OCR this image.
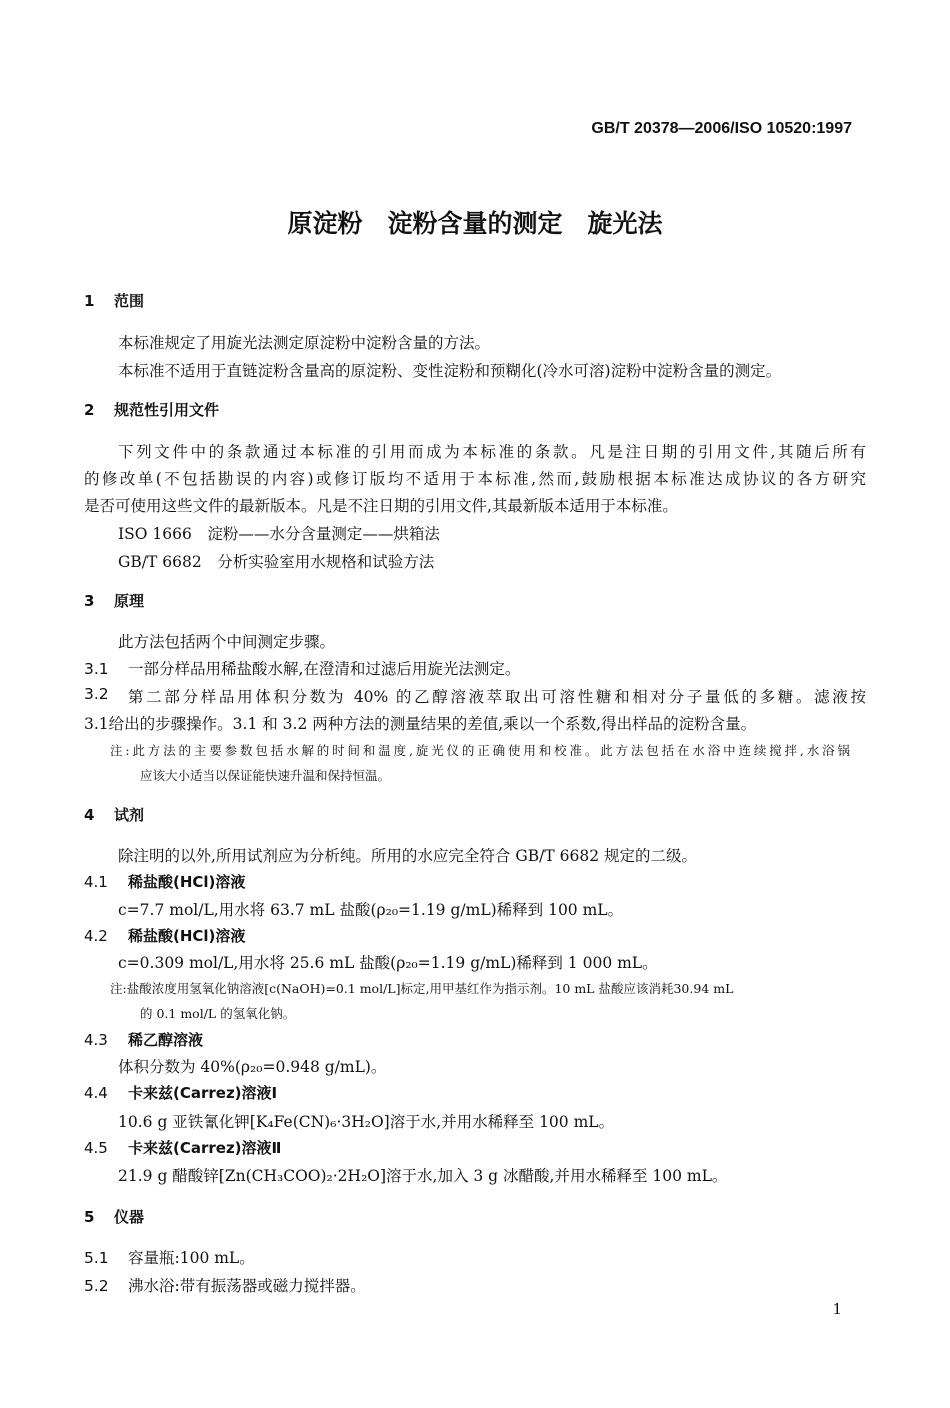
GB/T 20378—2006/ISO 10520:1997
原淀粉　淀粉含量的测定　旋光法
1 范围
本标准规定了用旋光法测定原淀粉中淀粉含量的方法。
本标准不适用于直链淀粉含量高的原淀粉、变性淀粉和预糊化(冷水可溶)淀粉中淀粉含量的测定。
2 规范性引用文件
下列文件中的条款通过本标准的引用而成为本标准的条款。凡是注日期的引用文件,其随后所有
的修改单(不包括勘误的内容)或修订版均不适用于本标准,然而,鼓励根据本标准达成协议的各方研究
是否可使用这些文件的最新版本。凡是不注日期的引用文件,其最新版本适用于本标准。
ISO 1666　淀粉——水分含量测定——烘箱法
GB/T 6682　分析实验室用水规格和试验方法
3 原理
此方法包括两个中间测定步骤。
3.1 一部分样品用稀盐酸水解,在澄清和过滤后用旋光法测定。
3.2	第二部分样品用体积分数为 40% 的乙醇溶液萃取出可溶性糖和相对分子量低的多糖。滤液按
3.1给出的步骤操作。3.1 和 3.2 两种方法的测量结果的差值,乘以一个系数,得出样品的淀粉含量。
注:此方法的主要参数包括水解的时间和温度,旋光仪的正确使用和校准。此方法包括在水浴中连续搅拌,水浴锅
应该大小适当以保证能快速升温和保持恒温。
4 试剂
除注明的以外,所用试剂应为分析纯。所用的水应完全符合 GB/T 6682 规定的二级。
4.1 稀盐酸(HCl)溶液
c=7.7 mol/L,用水将 63.7 mL 盐酸(ρ₂₀=1.19 g/mL)稀释到 100 mL。
4.2 稀盐酸(HCl)溶液
c=0.309 mol/L,用水将 25.6 mL 盐酸(ρ₂₀=1.19 g/mL)稀释到 1 000 mL。
注:盐酸浓度用氢氧化钠溶液[c(NaOH)=0.1 mol/L]标定,用甲基红作为指示剂。10 mL 盐酸应该消耗30.94 mL
的 0.1 mol/L 的氢氧化钠。
4.3 稀乙醇溶液
体积分数为 40%(ρ₂₀=0.948 g/mL)。
4.4 卡来兹(Carrez)溶液Ⅰ
10.6 g 亚铁氰化钾[K₄Fe(CN)₆·3H₂O]溶于水,并用水稀释至 100 mL。
4.5 卡来兹(Carrez)溶液Ⅱ
21.9 g 醋酸锌[Zn(CH₃COO)₂·2H₂O]溶于水,加入 3 g 冰醋酸,并用水稀释至 100 mL。
5 仪器
5.1 容量瓶:100 mL。
5.2 沸水浴:带有振荡器或磁力搅拌器。
1
